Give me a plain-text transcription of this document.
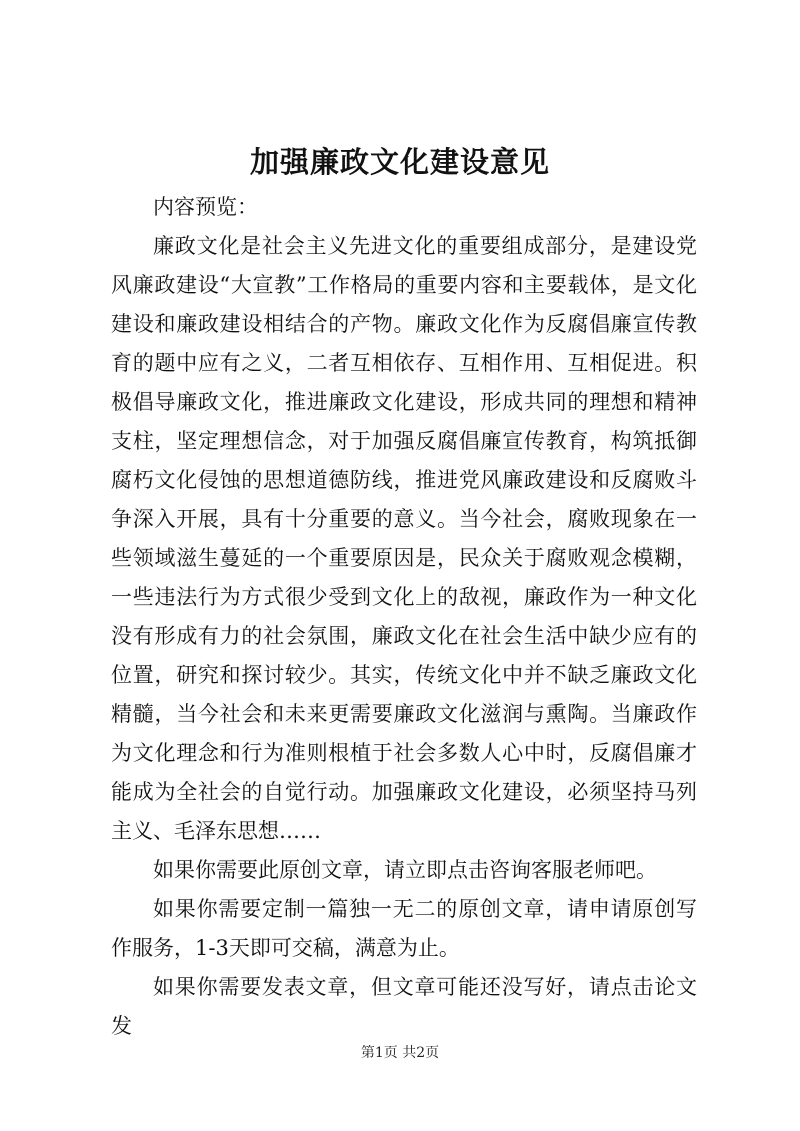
加强廉政文化建设意见

内容预览：

廉政文化是社会主义先进文化的重要组成部分，是建设党风廉政建设“大宣教”工作格局的重要内容和主要载体，是文化建设和廉政建设相结合的产物。廉政文化作为反腐倡廉宣传教育的题中应有之义，二者互相依存、互相作用、互相促进。积极倡导廉政文化，推进廉政文化建设，形成共同的理想和精神支柱，坚定理想信念，对于加强反腐倡廉宣传教育，构筑抵御腐朽文化侵蚀的思想道德防线，推进党风廉政建设和反腐败斗争深入开展，具有十分重要的意义。当今社会，腐败现象在一些领域滋生蔓延的一个重要原因是，民众关于腐败观念模糊，一些违法行为方式很少受到文化上的敌视，廉政作为一种文化没有形成有力的社会氛围，廉政文化在社会生活中缺少应有的位置，研究和探讨较少。其实，传统文化中并不缺乏廉政文化精髓，当今社会和未来更需要廉政文化滋润与熏陶。当廉政作为文化理念和行为准则根植于社会多数人心中时，反腐倡廉才能成为全社会的自觉行动。加强廉政文化建设，必须坚持马列主义、毛泽东思想……

如果你需要此原创文章，请立即点击咨询客服老师吧。

如果你需要定制一篇独一无二的原创文章，请申请原创写作服务，1-3天即可交稿，满意为止。

如果你需要发表文章，但文章可能还没写好，请点击论文发

第1页 共2页
